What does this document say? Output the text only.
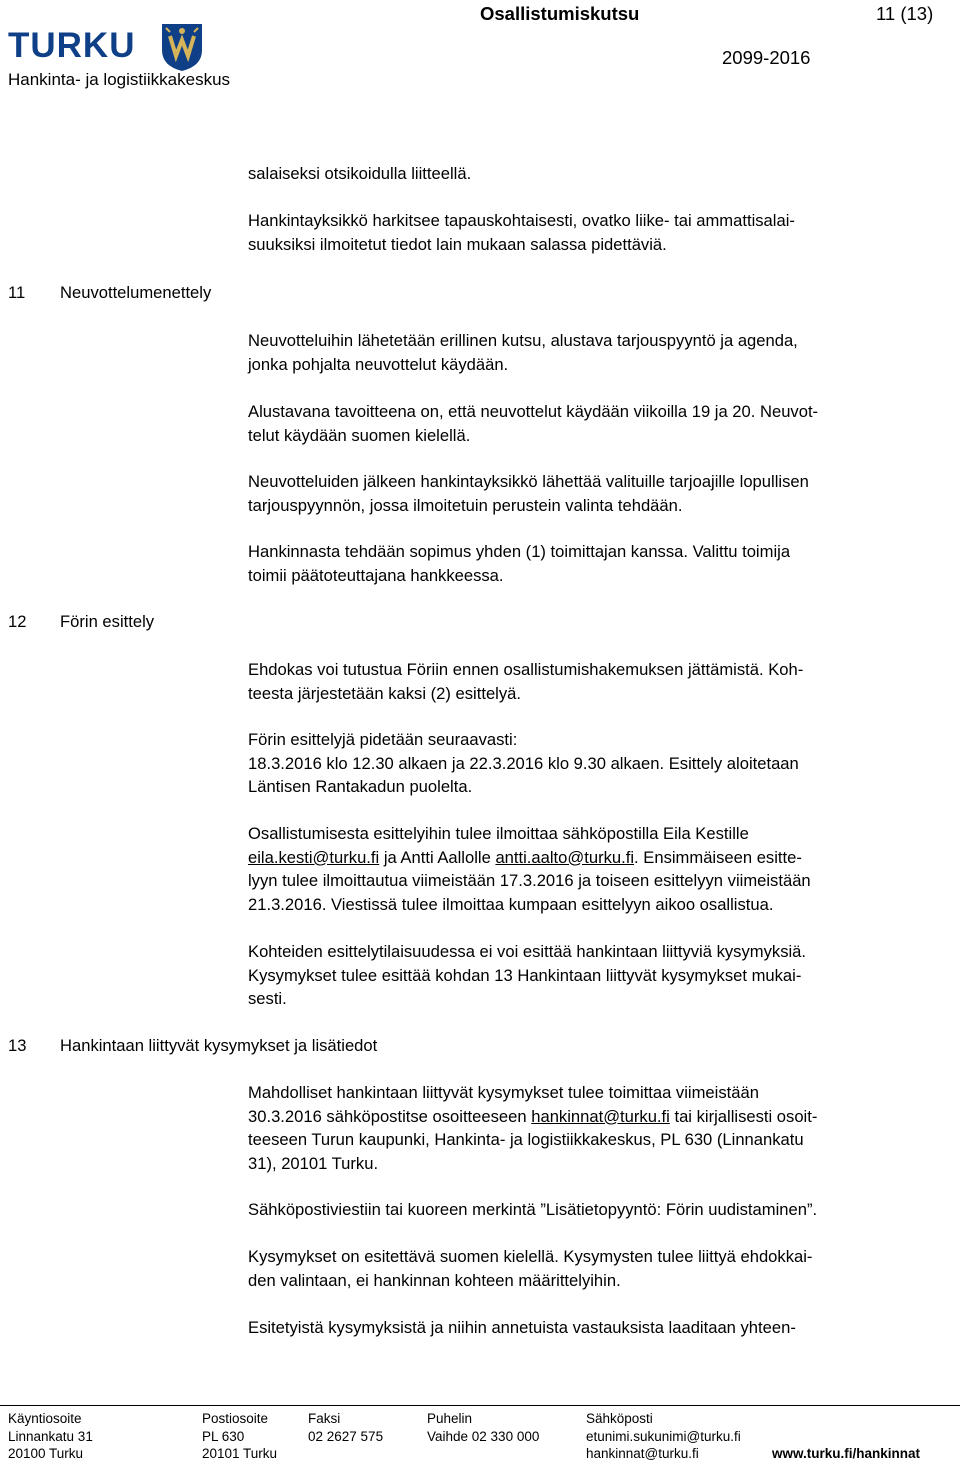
TURKU
Hankinta- ja logistiikkakeskus
Osallistumiskutsu	11 (13)
2099-2016
11 Neuvottelumenettely
12 Förin esittely
13 Hankintaan liittyvät kysymykset ja lisätiedot
salaiseksi otsikoidulla liitteellä.
Hankintayksikkö harkitsee tapauskohtaisesti, ovatko liike- tai ammattisalai-
suuksiksi ilmoitetut tiedot lain mukaan salassa pidettäviä.
Neuvotteluihin lähetetään erillinen kutsu, alustava tarjouspyyntö ja agenda,
jonka pohjalta neuvottelut käydään.
Alustavana tavoitteena on, että neuvottelut käydään viikoilla 19 ja 20. Neuvot-
telut käydään suomen kielellä.
Neuvotteluiden jälkeen hankintayksikkö lähettää valituille tarjoajille lopullisen
tarjouspyynnön, jossa ilmoitetuin perustein valinta tehdään.
Hankinnasta tehdään sopimus yhden (1) toimittajan kanssa. Valittu toimija
toimii päätoteuttajana hankkeessa.
Ehdokas voi tutustua Föriin ennen osallistumishakemuksen jättämistä. Koh-
teesta järjestetään kaksi (2) esittelyä.
Förin esittelyjä pidetään seuraavasti:
18.3.2016 klo 12.30 alkaen ja 22.3.2016 klo 9.30 alkaen. Esittely aloitetaan
Läntisen Rantakadun puolelta.
Osallistumisesta esittelyihin tulee ilmoittaa sähköpostilla Eila Kestille
eila.kesti@turku.fi ja Antti Aallolle antti.aalto@turku.fi. Ensimmäiseen esitte-
lyyn tulee ilmoittautua viimeistään 17.3.2016 ja toiseen esittelyyn viimeistään
21.3.2016. Viestissä tulee ilmoittaa kumpaan esittelyyn aikoo osallistua.
Kohteiden esittelytilaisuudessa ei voi esittää hankintaan liittyviä kysymyksiä.
Kysymykset tulee esittää kohdan 13 Hankintaan liittyvät kysymykset mukai-
sesti.
Mahdolliset hankintaan liittyvät kysymykset tulee toimittaa viimeistään
30.3.2016 sähköpostitse osoitteeseen hankinnat@turku.fi tai kirjallisesti osoit-
teeseen Turun kaupunki, Hankinta- ja logistiikkakeskus, PL 630 (Linnankatu
31), 20101 Turku.
Sähköpostiviestiin tai kuoreen merkintä ”Lisätietopyyntö: Förin uudistaminen”.
Kysymykset on esitettävä suomen kielellä. Kysymysten tulee liittyä ehdokkai-
den valintaan, ei hankinnan kohteen määrittelyihin.
Esitetyistä kysymyksistä ja niihin annetuista vastauksista laaditaan yhteen-
Käyntiosoite
Linnankatu 31
20100 Turku
Postiosoite
PL 630
20101 Turku
Faksi
02 2627 575
Puhelin
Vaihde 02 330 000
Sähköposti
etunimi.sukunimi@turku.fi
hankinnat@turku.fi	www.turku.fi/hankinnat
